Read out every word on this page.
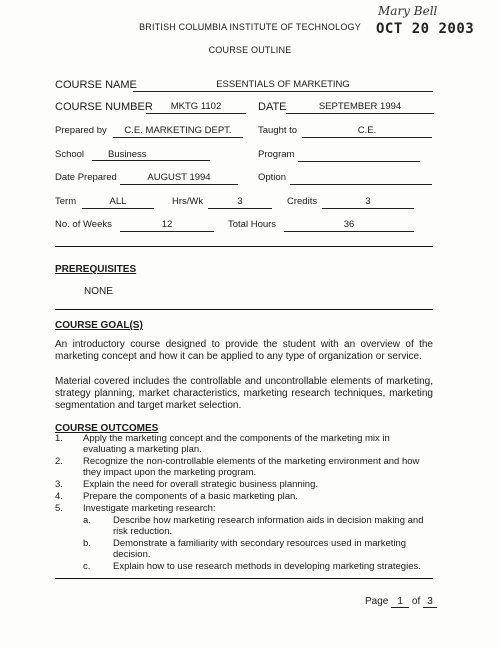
BRITISH COLUMBIA INSTITUTE OF TECHNOLOGY
COURSE OUTLINE
Mary Bell
OCT 20 2003
COURSE NAME	ESSENTIALS OF MARKETING
COURSE NUMBER	MKTG 1102	DATE	SEPTEMBER 1994
Prepared by	C.E. MARKETING DEPT.	Taught to	C.E.
School	Business	Program
Date Prepared	AUGUST 1994	Option
Term	ALL	Hrs/Wk	3	Credits	3
No. of Weeks	12	Total Hours	36
PREREQUISITES
NONE
COURSE GOAL(S)
An introductory course designed to provide the student with an overview of the marketing concept and how it can be applied to any type of organization or service.
Material covered includes the controllable and uncontrollable elements of marketing, strategy planning, market characteristics, marketing research techniques, marketing segmentation and target market selection.
COURSE OUTCOMES
1. Apply the marketing concept and the components of the marketing mix in evaluating a marketing plan.
2. Recognize the non-controllable elements of the marketing environment and how they impact upon the marketing program.
3. Explain the need for overall strategic business planning.
4. Prepare the components of a basic marketing plan.
5. Investigate marketing research:
a. Describe how marketing research information aids in decision making and risk reduction.
b. Demonstrate a familiarity with secondary resources used in marketing decision.
c. Explain how to use research methods in developing marketing strategies.
Page 1 of 3
